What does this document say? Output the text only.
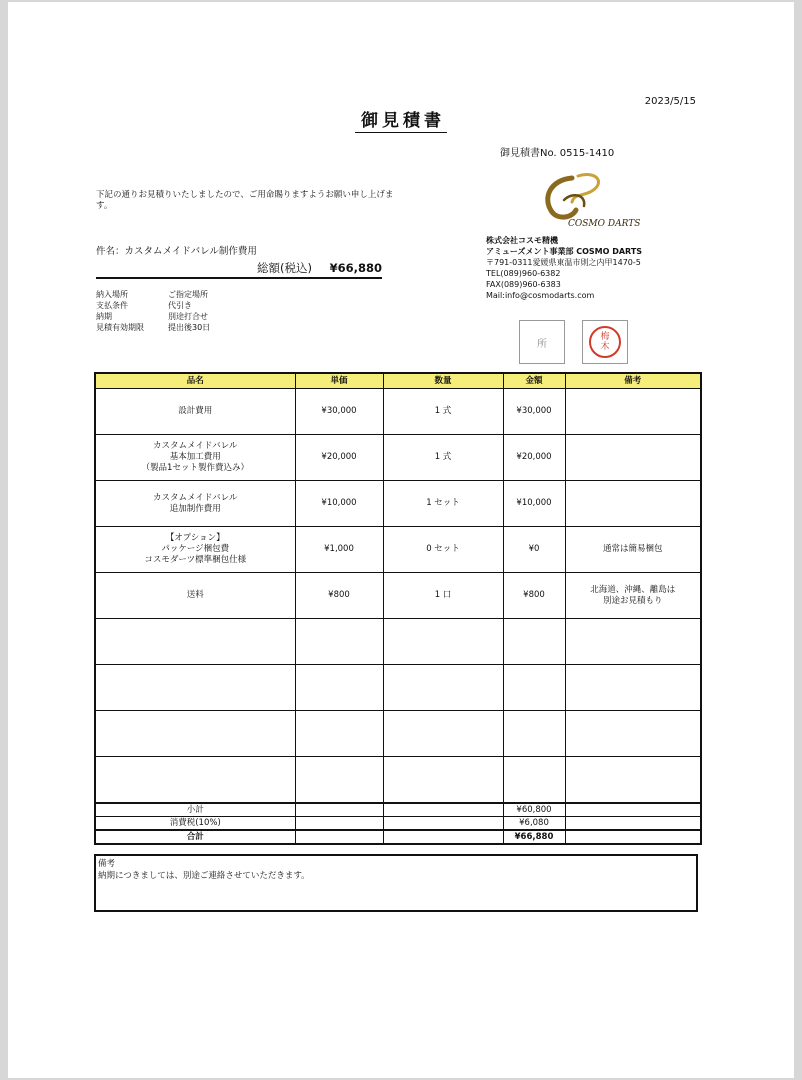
2023/5/15
御見積書
御見積書No. 0515-1410
下記の通りお見積りいたしましたので、ご用命賜りますようお願い申し上げます。
件名：カスタムメイドバレル制作費用
総額(税込) ¥66,880
納入場所	ご指定場所
支払条件	代引き
納期	別途打合せ
見積有効期限	提出後30日
COSMO DARTS
株式会社コスモ精機
アミューズメント事業部 COSMO DARTS
〒791-0311愛媛県東温市則之内甲1470-5
TEL(089)960-6382
FAX(089)960-6383
Mail:info@cosmodarts.com
所
梅
木
品名	単価	数量	金額	備考
設計費用	¥30,000	1 式	¥30,000	
カスタムメイドバレル
基本加工費用
（製品1セット製作費込み）	¥20,000	1 式	¥20,000	
カスタムメイドバレル
追加制作費用	¥10,000	1 セット	¥10,000	
【オプション】
パッケージ梱包費
コスモダーツ標準梱包仕様	¥1,000	0 セット	¥0	通常は簡易梱包
送料	¥800	1 口	¥800	北海道、沖縄、離島は
別途お見積もり

小計			¥60,800	
消費税(10%)			¥6,080	
合計			¥66,880	
備考
納期につきましては、別途ご連絡させていただきます。
